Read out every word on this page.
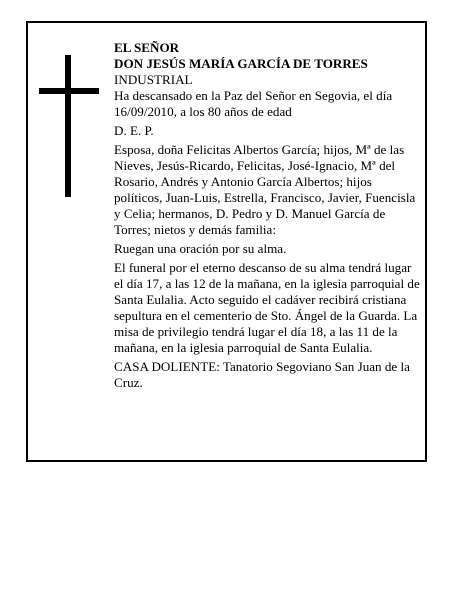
EL SEÑOR

DON JESÚS MARÍA GARCÍA DE TORRES

INDUSTRIAL

Ha descansado en la Paz del Señor en Segovia, el día 16/09/2010, a los 80 años de edad

D. E. P.

Esposa, doña Felicitas Albertos García; hijos, Mª de las Nieves, Jesús-Ricardo, Felicitas, José-Ignacio, Mª del Rosario, Andrés y Antonio García Albertos; hijos políticos, Juan-Luis, Estrella, Francisco, Javier, Fuencisla y Celia; hermanos, D. Pedro y D. Manuel García de Torres; nietos y demás familia:

Ruegan una oración por su alma.

El funeral por el eterno descanso de su alma tendrá lugar el día 17, a las 12 de la mañana, en la iglesia parroquial de Santa Eulalia. Acto seguido el cadáver recibirá cristiana sepultura en el cementerio de Sto. Ángel de la Guarda. La misa de privilegio tendrá lugar el día 18, a las 11 de la mañana, en la iglesia parroquial de Santa Eulalia.

CASA DOLIENTE: Tanatorio Segoviano San Juan de la Cruz.
